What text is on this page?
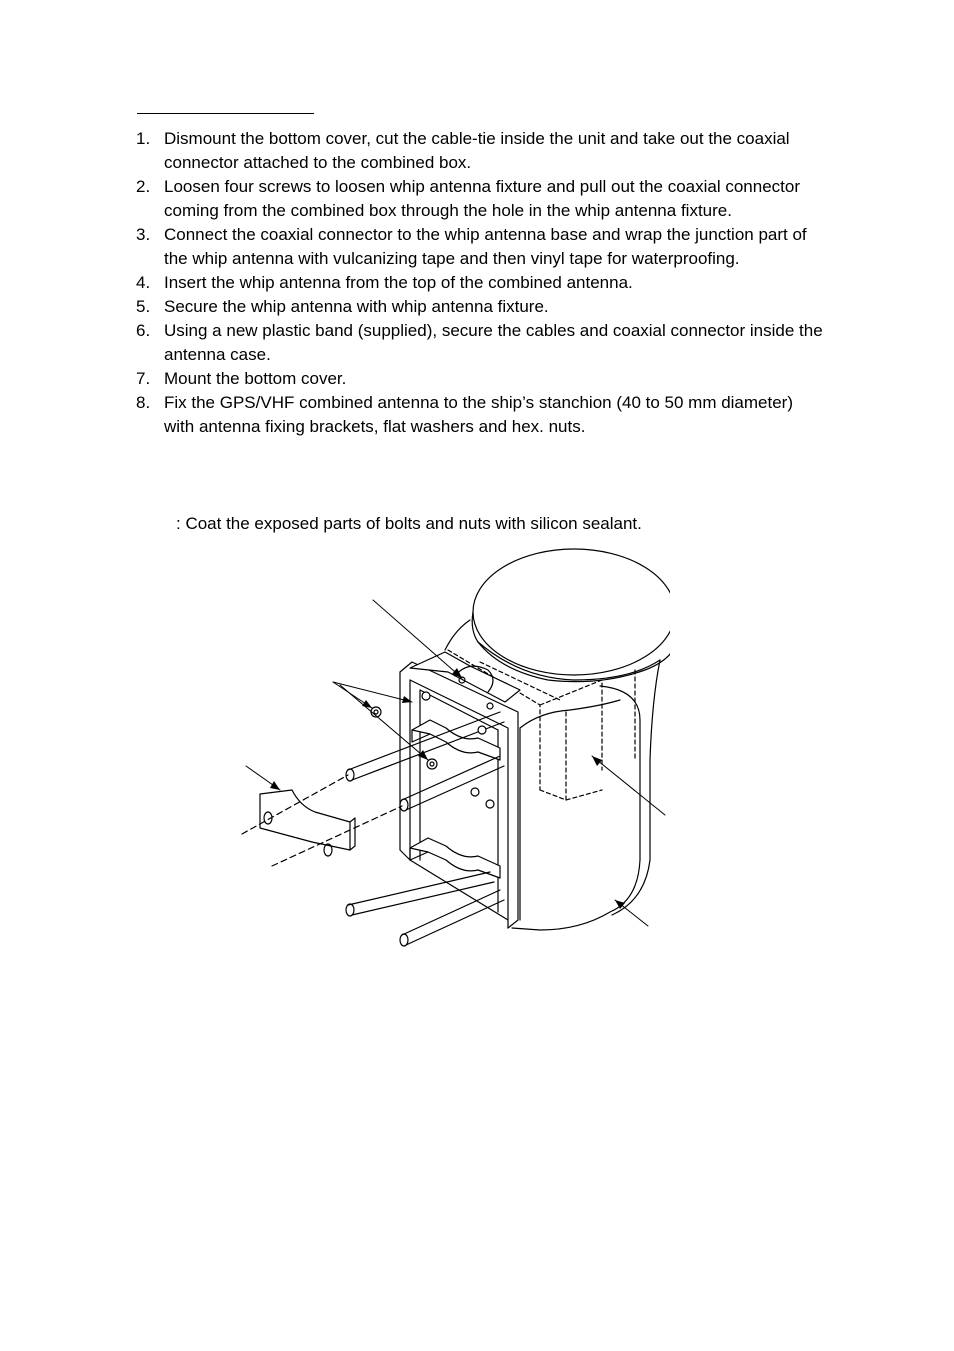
1. Dismount the bottom cover, cut the cable-tie inside the unit and take out the coaxial connector attached to the combined box.
2. Loosen four screws to loosen whip antenna fixture and pull out the coaxial connector coming from the combined box through the hole in the whip antenna fixture.
3. Connect the coaxial connector to the whip antenna base and wrap the junction part of the whip antenna with vulcanizing tape and then vinyl tape for waterproofing.
4. Insert the whip antenna from the top of the combined antenna.
5. Secure the whip antenna with whip antenna fixture.
6. Using a new plastic band (supplied), secure the cables and coaxial connector inside the antenna case.
7. Mount the bottom cover.
8. Fix the GPS/VHF combined antenna to the ship’s stanchion (40 to 50 mm diameter) with antenna fixing brackets, flat washers and hex. nuts.
: Coat the exposed parts of bolts and nuts with silicon sealant.
